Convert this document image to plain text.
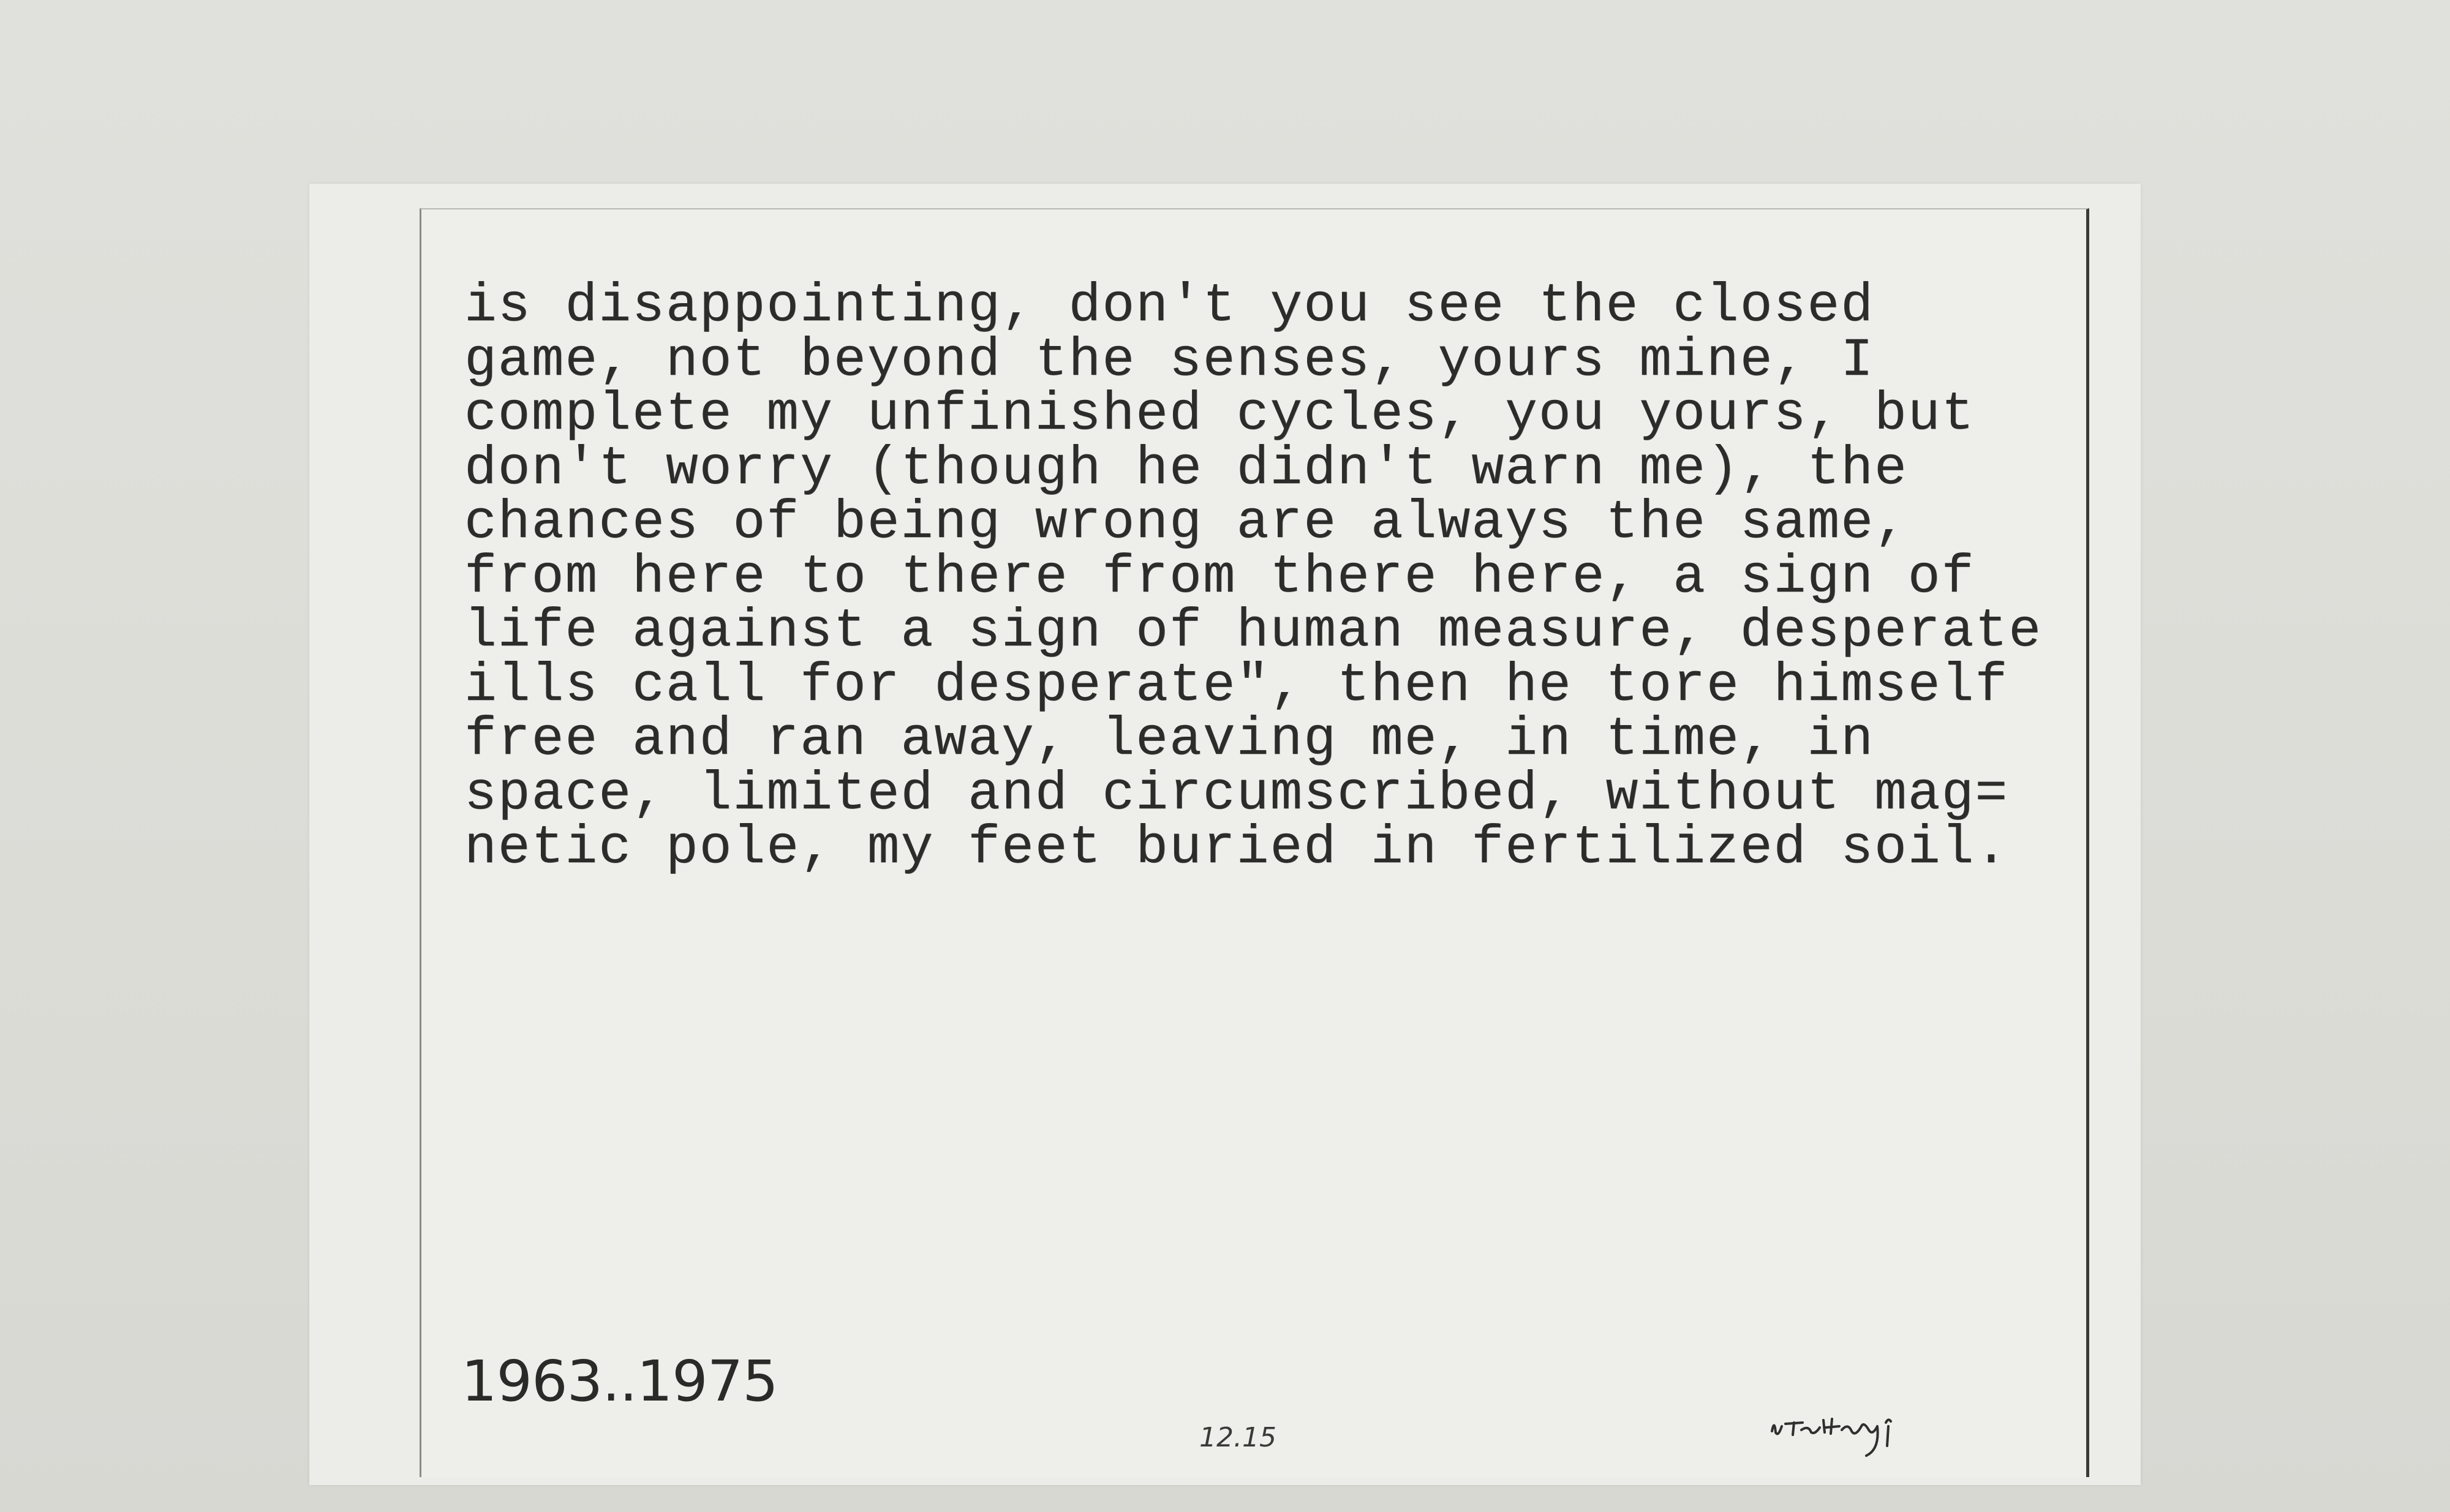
is disappointing, don't you see the closed
game, not beyond the senses, yours mine, I
complete my unfinished cycles, you yours, but
don't worry (though he didn't warn me), the
chances of being wrong are always the same,
from here to there from there here, a sign of
life against a sign of human measure, desperate
ills call for desperate", then he tore himself
free and ran away, leaving me, in time, in
space, limited and circumscribed, without mag=
netic pole, my feet buried in fertilized soil.
1963..1975
12.15
